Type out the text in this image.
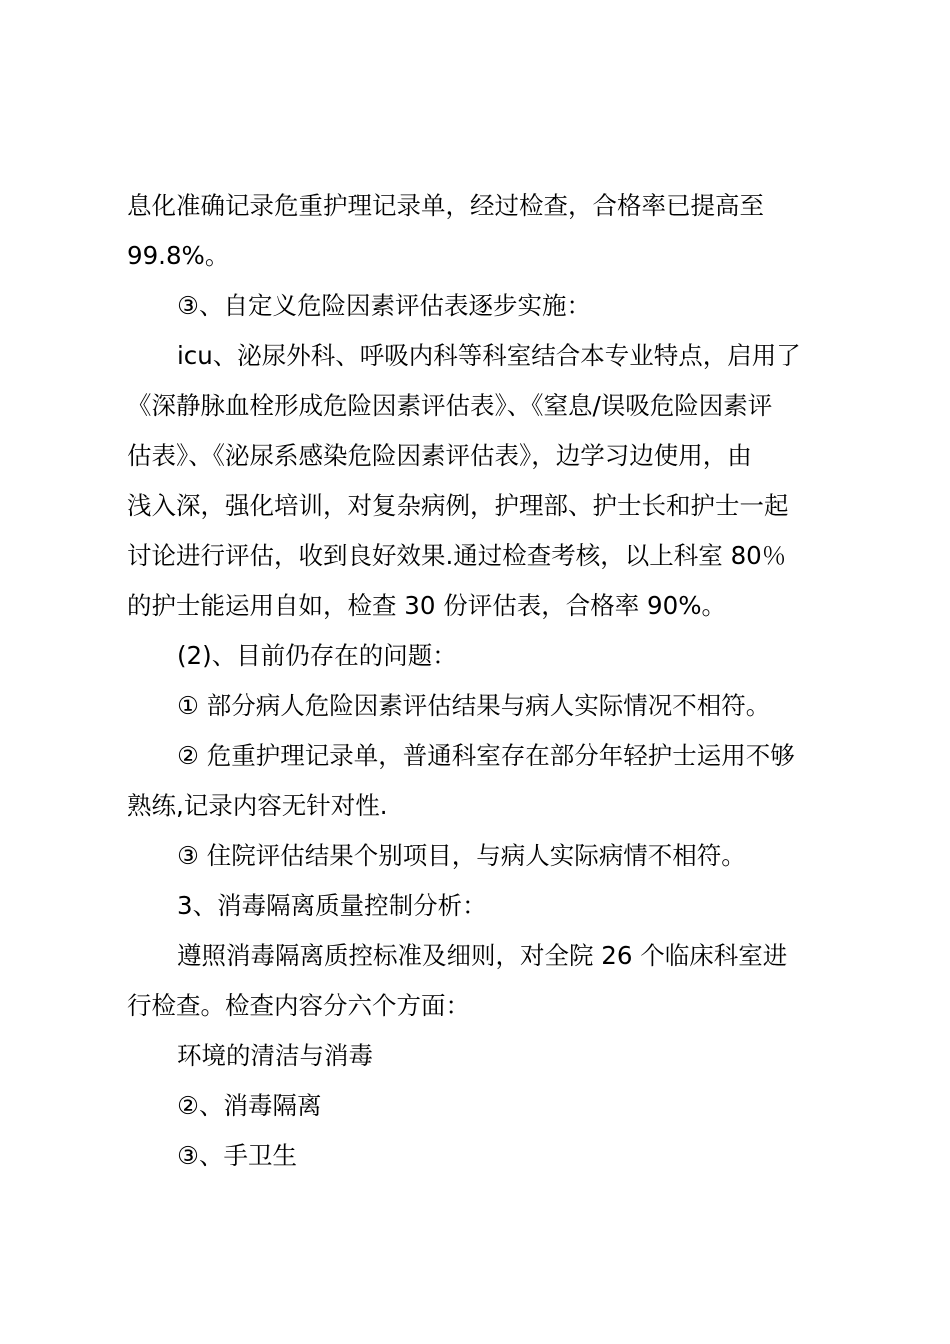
息化准确记录危重护理记录单，经过检查，合格率已提高至
99.8%。
③、自定义危险因素评估表逐步实施：
icu、泌尿外科、呼吸内科等科室结合本专业特点，启用了
《深静脉血栓形成危险因素评估表》、《窒息/误吸危险因素评
估表》、《泌尿系感染危险因素评估表》，边学习边使用，由
浅入深，强化培训，对复杂病例，护理部、护士长和护士一起
讨论进行评估，收到良好效果.通过检查考核，以上科室 80％
的护士能运用自如，检查 30 份评估表，合格率 90%。
(2)、目前仍存在的问题：
① 部分病人危险因素评估结果与病人实际情况不相符。
② 危重护理记录单，普通科室存在部分年轻护士运用不够
熟练,记录内容无针对性.
③ 住院评估结果个别项目，与病人实际病情不相符。
3、消毒隔离质量控制分析：
遵照消毒隔离质控标准及细则，对全院 26 个临床科室进
行检查。检查内容分六个方面：
环境的清洁与消毒
②、消毒隔离
③、手卫生
